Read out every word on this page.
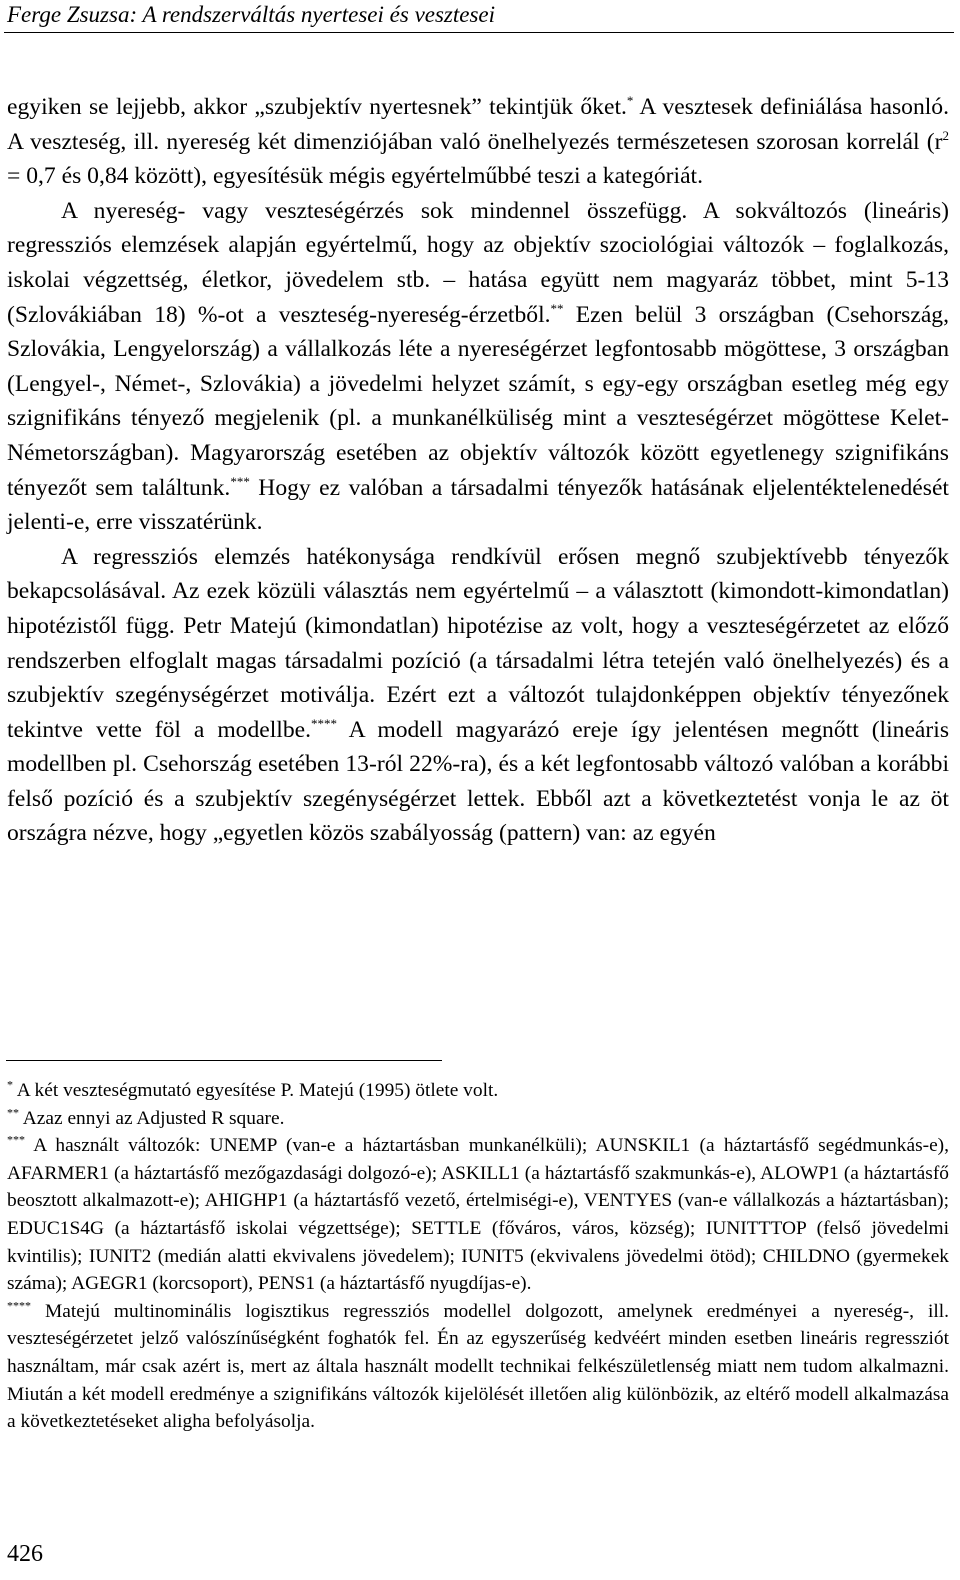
Ferge Zsuzsa: A rendszerváltás nyertesei és vesztesei

egyiken se lejjebb, akkor „szubjektív nyertesnek” tekintjük őket.* A vesztesek definiálása hasonló. A veszteség, ill. nyereség két dimenziójában való önelhelyezés természetesen szorosan korrelál ($r^2 = 0,7$ és 0,84 között), egyesítésük mégis egyértelműbbé teszi a kategóriát.

A nyereség- vagy veszteségérzés sok mindennel összefügg. A sokváltozós (lineáris) regressziós elemzések alapján egyértelmű, hogy az objektív szociológiai változók – foglalkozás, iskolai végzettség, életkor, jövedelem stb. – hatása együtt nem magyaráz többet, mint 5-13 (Szlovákiában 18) %-ot a veszteség-nyereség-érzetből.** Ezen belül 3 országban (Csehország, Szlovákia, Lengyelország) a vállalkozás léte a nyereségérzet legfontosabb mögöttese, 3 országban (Lengyel-, Német-, Szlovákia) a jövedelmi helyzet számít, s egy-egy országban esetleg még egy szignifikáns tényező megjelenik (pl. a munkanélküliség mint a veszteségérzet mögöttese Kelet-Németországban). Magyarország esetében az objektív változók között egyetlenegy szignifikáns tényezőt sem találtunk.*** Hogy ez valóban a társadalmi tényezők hatásának eljelentéktelenedését jelenti-e, erre visszatérünk.

A regressziós elemzés hatékonysága rendkívül erősen megnő szubjektívebb tényezők bekapcsolásával. Az ezek közüli választás nem egyértelmű – a választott (kimondott-kimondatlan) hipotézistől függ. Petr Matejú (kimondatlan) hipotézise az volt, hogy a veszteségérzetet az előző rendszerben elfoglalt magas társadalmi pozíció (a társadalmi létra tetején való önelhelyezés) és a szubjektív szegénységérzet motiválja. Ezért ezt a változót tulajdonképpen objektív tényezőnek tekintve vette föl a modellbe.**** A modell magyarázó ereje így jelentésen megnőtt (lineáris modellben pl. Csehország esetében 13-ról 22%-ra), és a két legfontosabb változó valóban a korábbi felső pozíció és a szubjektív szegénységérzet lettek. Ebből azt a következtetést vonja le az öt országra nézve, hogy „egyetlen közös szabályosság (pattern) van: az egyén

* A két veszteségmutató egyesítése P. Matejú (1995) ötlete volt.

** Azaz ennyi az Adjusted R square.

*** A használt változók: UNEMP (van-e a háztartásban munkanélküli); AUNSKIL1 (a háztartásfő segédmunkás-e), AFARMER1 (a háztartásfő mezőgazdasági dolgozó-e); ASKILL1 (a háztartásfő szakmunkás-e), ALOWP1 (a háztartásfő beosztott alkalmazott-e); AHIGHP1 (a háztartásfő vezető, értelmiségi-e), VENTYES (van-e vállalkozás a háztartásban); EDUC1S4G (a háztartásfő iskolai végzettsége); SETTLE (főváros, város, község); IUNITTTOP (felső jövedelmi kvintilis); IUNIT2 (medián alatti ekvivalens jövedelem); IUNIT5 (ekvivalens jövedelmi ötöd); CHILDNO (gyermekek száma); AGEGR1 (korcsoport), PENS1 (a háztartásfő nyugdíjas-e).

**** Matejú multinominális logisztikus regressziós modellel dolgozott, amelynek eredményei a nyereség-, ill. veszteségérzetet jelző valószínűségként foghatók fel. Én az egyszerűség kedvéért minden esetben lineáris regressziót használtam, már csak azért is, mert az általa használt modellt technikai felkészületlenség miatt nem tudom alkalmazni. Miután a két modell eredménye a szignifikáns változók kijelölését illetően alig különbözik, az eltérő modell alkalmazása a következtetéseket aligha befolyásolja.

426
